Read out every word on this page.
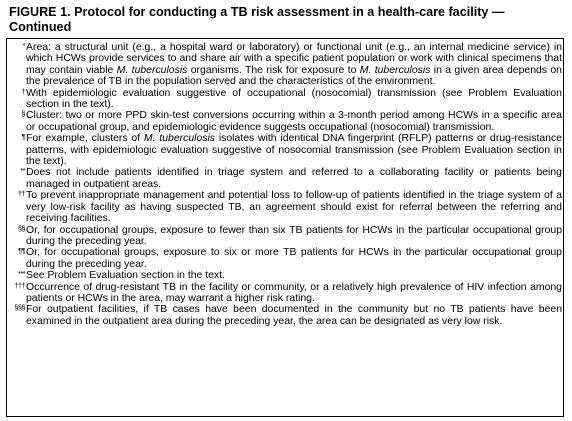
FIGURE 1. Protocol for conducting a TB risk assessment in a health-care facility —
Continued
* Area: a structural unit (e.g., a hospital ward or laboratory) or functional unit (e.g., an internal medicine service) in which HCWs provide services to and share air with a specific patient population or work with clinical specimens that may contain viable M. tuberculosis organisms. The risk for exposure to M. tuberculosis in a given area depends on the prevalence of TB in the population served and the characteristics of the environment.
† With epidemiologic evaluation suggestive of occupational (nosocomial) transmission (see Problem Evaluation section in the text).
§ Cluster: two or more PPD skin-test conversions occurring within a 3-month period among HCWs in a specific area or occupational group, and epidemiologic evidence suggests occupational (nosocomial) transmission.
¶ For example, clusters of M. tuberculosis isolates with identical DNA fingerprint (RFLP) patterns or drug-resistance patterns, with epidemiologic evaluation suggestive of nosocomial transmission (see Problem Evaluation section in the text).
** Does not include patients identified in triage system and referred to a collaborating facility or patients being managed in outpatient areas.
†† To prevent inappropriate management and potential loss to follow-up of patients identified in the triage system of a very low-risk facility as having suspected TB, an agreement should exist for referral between the referring and receiving facilities.
§§ Or, for occupational groups, exposure to fewer than six TB patients for HCWs in the particular occupational group during the preceding year.
¶¶ Or, for occupational groups, exposure to six or more TB patients for HCWs in the particular occupational group during the preceding year.
*** See Problem Evaluation section in the text.
††† Occurrence of drug-resistant TB in the facility or community, or a relatively high prevalence of HIV infection among patients or HCWs in the area, may warrant a higher risk rating.
§§§ For outpatient facilities, if TB cases have been documented in the community but no TB patients have been examined in the outpatient area during the preceding year, the area can be designated as very low risk.
